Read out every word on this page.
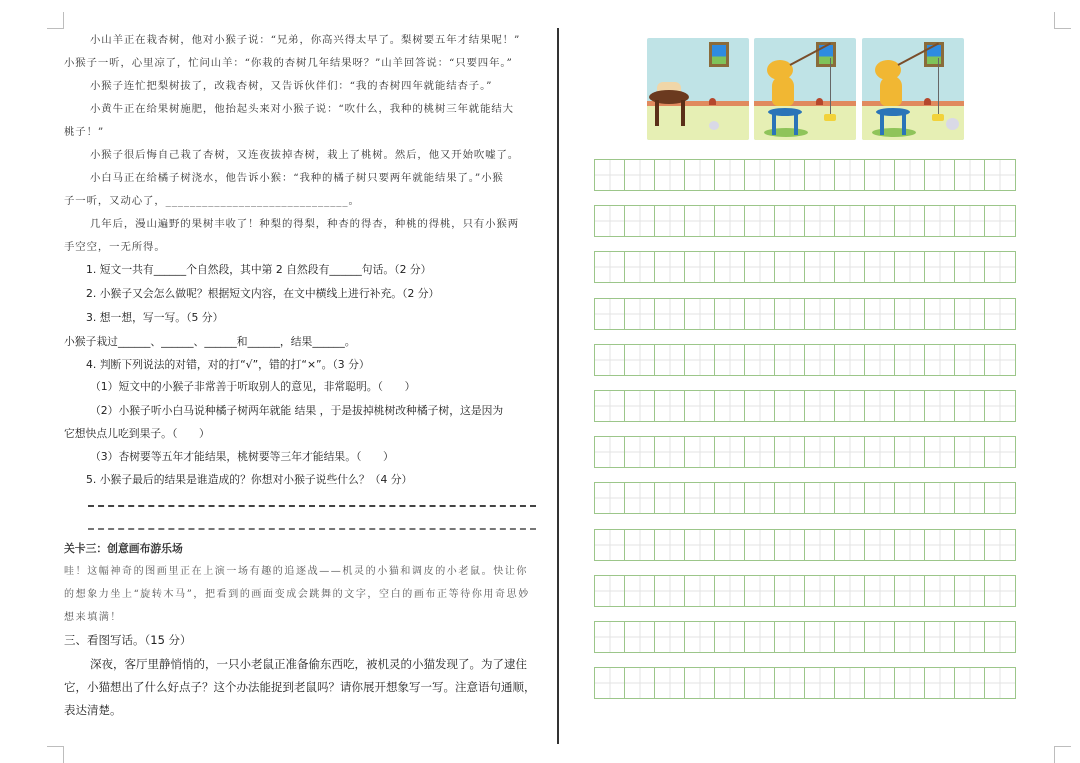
小山羊正在栽杏树，他对小猴子说：“兄弟，你高兴得太早了。梨树要五年才结果呢！”
小猴子一听，心里凉了，忙问山羊：“你栽的杏树几年结果呀？”山羊回答说：“只要四年。”
小猴子连忙把梨树拔了，改栽杏树，又告诉伙伴们：“我的杏树四年就能结杏子。”
小黄牛正在给果树施肥，他抬起头来对小猴子说：“吹什么，我种的桃树三年就能结大
桃子！”
小猴子很后悔自己栽了杏树，又连夜拔掉杏树，栽上了桃树。然后，他又开始吹嘘了。
小白马正在给橘子树浇水，他告诉小猴：“我种的橘子树只要两年就能结果了。”小猴
子一听，又动心了，______________________________。
几年后，漫山遍野的果树丰收了！种梨的得梨，种杏的得杏，种桃的得桃，只有小猴两
手空空，一无所得。
1. 短文一共有______个自然段，其中第 2 自然段有______句话。（2 分）
2. 小猴子又会怎么做呢？根据短文内容，在文中横线上进行补充。（2 分）
3. 想一想，写一写。（5 分）
小猴子栽过______、______、______和______，结果______。
4. 判断下列说法的对错，对的打“√”，错的打“×”。（3 分）
（1）短文中的小猴子非常善于听取别人的意见，非常聪明。（　　）
（2）小猴子听小白马说种橘子树两年就能 结果 ，于是拔掉桃树改种橘子树，这是因为
它想快点儿吃到果子。（　　）
（3）杏树要等五年才能结果，桃树要等三年才能结果。（　　）
5. 小猴子最后的结果是谁造成的？你想对小猴子说些什么？（4 分）
关卡三：创意画布游乐场
哇！这幅神奇的图画里正在上演一场有趣的追逐战——机灵的小猫和调皮的小老鼠。快让你
的想象力坐上“旋转木马”，把看到的画面变成会跳舞的文字，空白的画布正等待你用奇思妙
想来填满！
三、看图写话。（15 分）
深夜，客厅里静悄悄的，一只小老鼠正准备偷东西吃，被机灵的小猫发现了。为了逮住
它，小猫想出了什么好点子？这个办法能捉到老鼠吗？请你展开想象写一写。注意语句通顺，
表达清楚。
